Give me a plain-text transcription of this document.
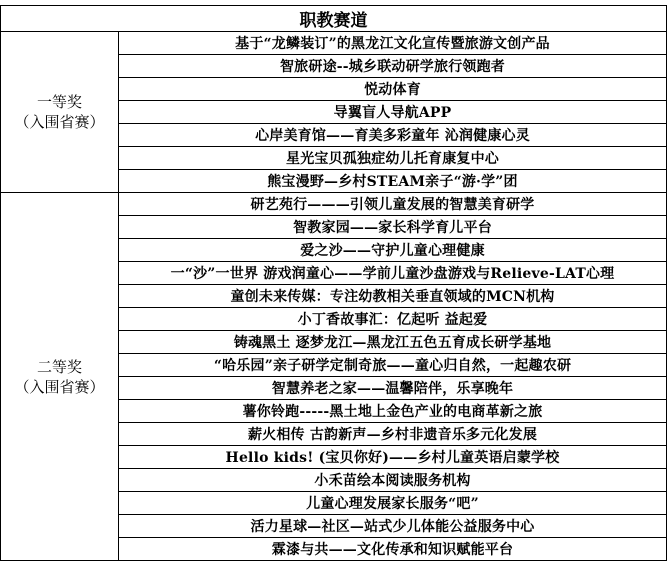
职教赛道	

一等奖
（入围省赛）	基于“龙鳞装订”的黑龙江文化宣传暨旅游文创产品
	智旅研途--城乡联动研学旅行领跑者
	悦动体育
	导翼盲人导航APP
	心岸美育馆——育美多彩童年 沁润健康心灵
	星光宝贝孤独症幼儿托育康复中心
	熊宝漫野—乡村STEAM亲子“游·学”团

二等奖
（入围省赛）	研艺苑行———引领儿童发展的智慧美育研学
	智教家园——家长科学育儿平台
	爱之沙——守护儿童心理健康
	一“沙”一世界 游戏润童心——学前儿童沙盘游戏与Relieve-LAT心理
	童创未来传媒：专注幼教相关垂直领域的MCN机构
	小丁香故事汇：亿起听 益起爱
	铸魂黑土 逐梦龙江—黑龙江五色五育成长研学基地
	“哈乐园”亲子研学定制奇旅——童心归自然，一起趣农研
	智慧养老之家——温馨陪伴，乐享晚年
	薯你铃跑-----黑土地上金色产业的电商革新之旅
	薪火相传 古韵新声—乡村非遗音乐多元化发展
	Hello kids! (宝贝你好)——乡村儿童英语启蒙学校
	小禾苗绘本阅读服务机构
	儿童心理发展家长服务“吧”
	活力星球—社区—站式少儿体能公益服务中心
	霖漆与共——文化传承和知识赋能平台
